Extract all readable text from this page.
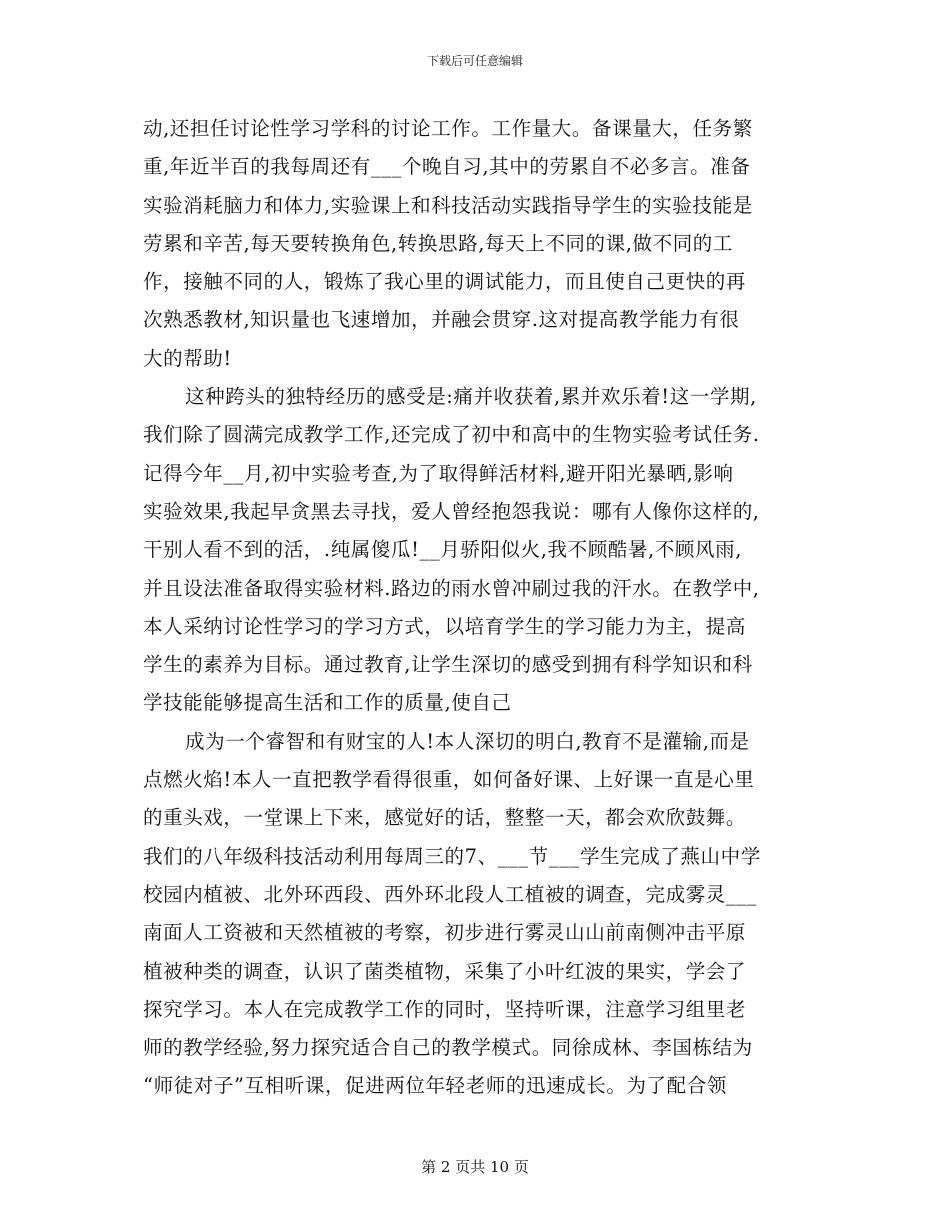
下载后可任意编辑
动,还担任讨论性学习学科的讨论工作。工作量大。备课量大，任务繁
重,年近半百的我每周还有___个晚自习,其中的劳累自不必多言。准备
实验消耗脑力和体力,实验课上和科技活动实践指导学生的实验技能是
劳累和辛苦,每天要转换角色,转换思路,每天上不同的课,做不同的工
作，接触不同的人，锻炼了我心里的调试能力，而且使自己更快的再
次熟悉教材,知识量也飞速增加，并融会贯穿.这对提高教学能力有很
大的帮助!
这种跨头的独特经历的感受是:痛并收获着,累并欢乐着!这一学期,
我们除了圆满完成教学工作,还完成了初中和高中的生物实验考试任务.
记得今年__月,初中实验考查,为了取得鲜活材料,避开阳光暴晒,影响
实验效果,我起早贪黑去寻找，爱人曾经抱怨我说：哪有人像你这样的,
干别人看不到的活，.纯属傻瓜!__月骄阳似火,我不顾酷暑,不顾风雨,
并且设法准备取得实验材料.路边的雨水曾冲刷过我的汗水。在教学中,
本人采纳讨论性学习的学习方式，以培育学生的学习能力为主，提高
学生的素养为目标。通过教育,让学生深切的感受到拥有科学知识和科
学技能能够提高生活和工作的质量,使自己
成为一个睿智和有财宝的人!本人深切的明白,教育不是灌输,而是
点燃火焰!本人一直把教学看得很重，如何备好课、上好课一直是心里
的重头戏，一堂课上下来，感觉好的话，整整一天，都会欢欣鼓舞。
我们的八年级科技活动利用每周三的7、___节___学生完成了燕山中学
校园内植被、北外环西段、西外环北段人工植被的调查，完成雾灵___
南面人工资被和天然植被的考察，初步进行雾灵山山前南侧冲击平原
植被种类的调查，认识了菌类植物，采集了小叶红波的果实，学会了
探究学习。本人在完成教学工作的同时，坚持听课，注意学习组里老
师的教学经验,努力探究适合自己的教学模式。同徐成林、李国栋结为
“师徒对子”互相听课，促进两位年轻老师的迅速成长。为了配合领
第 2 页共 10 页
